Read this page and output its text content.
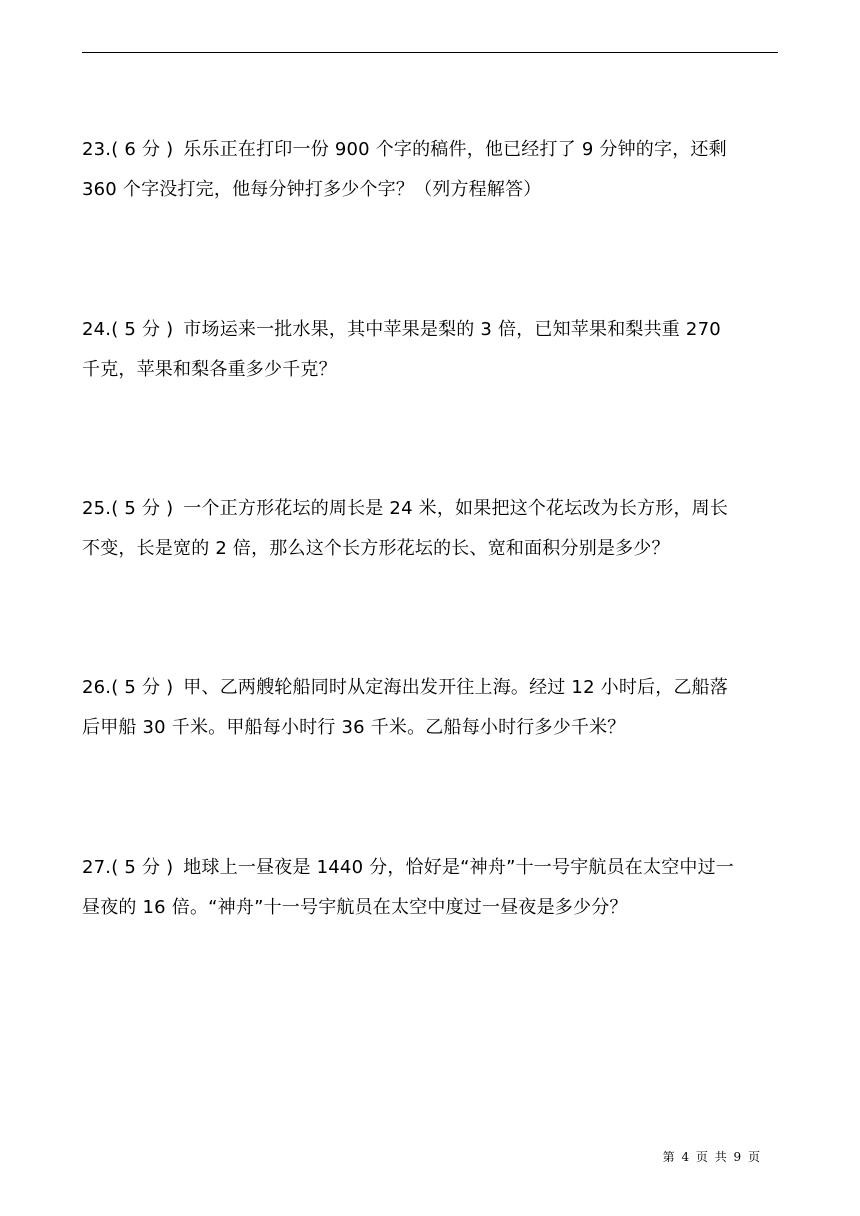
23.( 6 分 ) 乐乐正在打印一份 900 个字的稿件，他已经打了 9 分钟的字，还剩
360 个字没打完，他每分钟打多少个字？（列方程解答）
24.( 5 分 ) 市场运来一批水果，其中苹果是梨的 3 倍，已知苹果和梨共重 270
千克，苹果和梨各重多少千克？
25.( 5 分 ) 一个正方形花坛的周长是 24 米，如果把这个花坛改为长方形，周长
不变，长是宽的 2 倍，那么这个长方形花坛的长、宽和面积分别是多少？
26.( 5 分 ) 甲、乙两艘轮船同时从定海出发开往上海。经过 12 小时后，乙船落
后甲船 30 千米。甲船每小时行 36 千米。乙船每小时行多少千米？
27.( 5 分 ) 地球上一昼夜是 1440 分，恰好是“神舟”十一号宇航员在太空中过一
昼夜的 16 倍。“神舟”十一号宇航员在太空中度过一昼夜是多少分？
第 4 页 共 9 页
